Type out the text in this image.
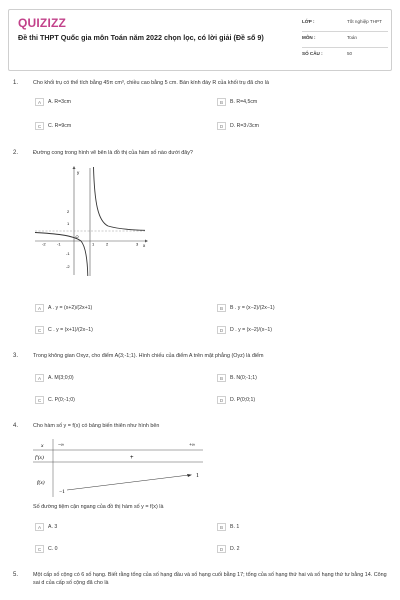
QUIZIZZ
Đề thi THPT Quốc gia môn Toán năm 2022 chọn lọc, có lời giải (Đề số 9)
LỚP :	Tốt nghiệp THPT
MÔN :	Toán
SỐ CÂU :	50
1.	Cho khối trụ có thể tích bằng 45π cm³, chiều cao bằng 5 cm. Bán kính đáy R của khối trụ đã cho là
A	A. R=3cm	B	B. R=4,5cm
C	C. R=9cm	D	D. R=3√3cm
2.	Đường cong trong hình vẽ bên là đồ thị của hàm số nào dưới đây?
y
x
O
-2	-1	1	2	3
2
1
-1
-2
A	A . y = (x+2)/(2x+1)	B	B . y = (x−2)/(2x−1)
C	C . y = (x+1)/(2x−1)	D	D . y = (x−2)/(x−1)
3.	Trong không gian Oxyz, cho điểm A(3;-1;1). Hình chiếu của điểm A trên mặt phẳng (Oyz) là điểm
A	A. M(3;0;0)	B	B. N(0;-1;1)
C	C. P(0;-1;0)	D	D. P(0;0;1)
4.	Cho hàm số y = f(x) có bảng biến thiên như hình bên
x	−∞	+∞
f'(x)	+
f(x)
−1
1
Số đường tiệm cận ngang của đồ thị hàm số y = f(x) là
A	A. 3	B	B. 1
C	C. 0	D	D. 2
5.	Một cấp số cộng có 6 số hạng. Biết rằng tổng của số hạng đầu và số hạng cuối bằng 17; tổng của số hạng thứ hai và số hạng thứ tư bằng 14. Công sai d của cấp số cộng đã cho là
